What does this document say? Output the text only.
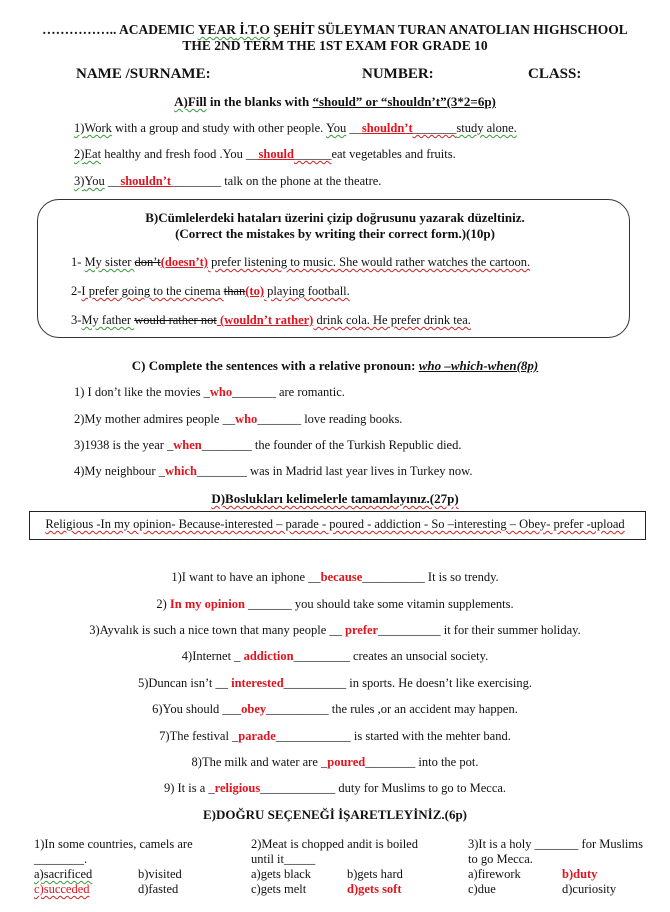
…………….. ACADEMIC YEAR İ.T.O ŞEHİT SÜLEYMAN TURAN ANATOLIAN HIGHSCHOOL
THE 2ND TERM THE 1ST EXAM FOR GRADE 10
NAME /SURNAME:	NUMBER:	CLASS:
A)Fill in the blanks with “should” or “shouldn’t”(3*2=6p)
1)Work with a group and study with other people. You __shouldn’t_______study alone.
2)Eat healthy and fresh food .You __should______eat vegetables and fruits.
3)You __shouldn’t________ talk on the phone at the theatre.
B)Cümlelerdeki hataları üzerini çizip doğrusunu yazarak düzeltiniz.
(Correct the mistakes by writing their correct form.)(10p)
1- My sister don’t(doesn’t) prefer listening to music. She would rather watches the cartoon.
2-I prefer going to the cinema than(to) playing football.
3-My father would rather not (wouldn’t rather) drink cola. He prefer drink tea.
C) Complete the sentences with a relative pronoun: who –which-when(8p)
1) I don’t like the movies _who_______ are romantic.
2)My mother admires people __who_______ love reading books.
3)1938 is the year _when________ the founder of the Turkish Republic died.
4)My neighbour _which________ was in Madrid last year lives in Turkey now.
D)Boslukları kelimelerle tamamlayınız.(27p)
Religious -In my opinion- Because-interested – parade - poured - addiction - So –interesting – Obey- prefer -upload
1)I want to have an iphone __because__________ It is so trendy.
2) In my opinion _______ you should take some vitamin supplements.
3)Ayvalık is such a nice town that many people __ prefer__________ it for their summer holiday.
4)Internet _ addiction_________ creates an unsocial society.
5)Duncan isn’t __ interested__________ in sports. He doesn’t like exercising.
6)You should ___obey__________ the rules ,or an accident may happen.
7)The festival _parade____________ is started with the mehter band.
8)The milk and water are _poured________ into the pot.
9) It is a _religious____________ duty for Muslims to go to Mecca.
E)DOĞRU SEÇENEĞİ İŞARETLEYİNİZ.(6p)
1)In some countries, camels are
________.
a)sacrificed	b)visited
c)succeded	d)fasted
2)Meat is chopped andit is boiled
until it_____
a)gets black	b)gets hard
c)gets melt	d)gets soft
3)It is a holy _______ for Muslims
to go Mecca.
a)firework	b)duty
c)due	d)curiosity
